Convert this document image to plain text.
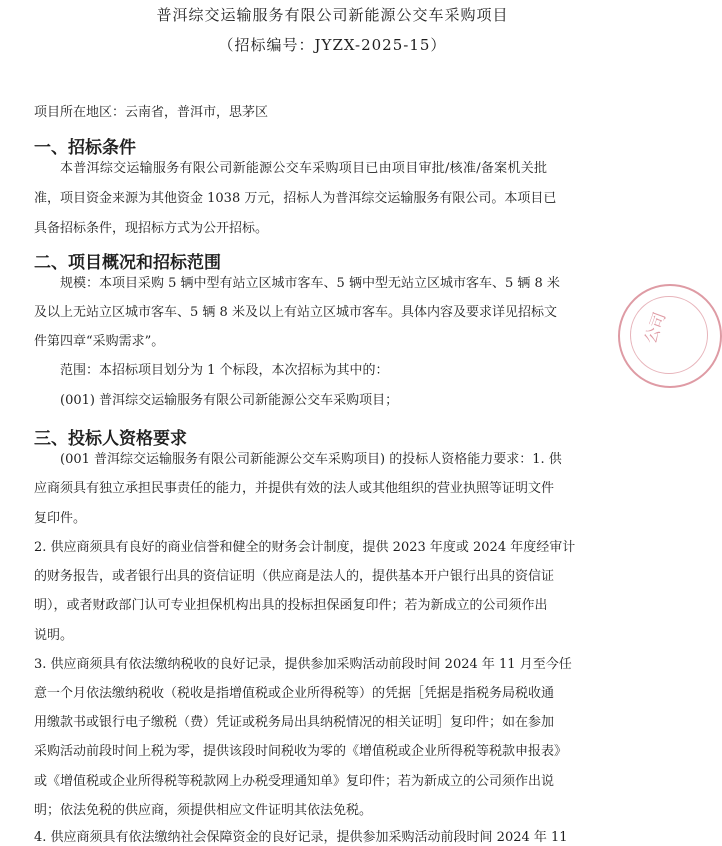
普洱综交运输服务有限公司新能源公交车采购项目
（招标编号：JYZX-2025-15）
项目所在地区：云南省，普洱市，思茅区
一、招标条件
本普洱综交运输服务有限公司新能源公交车采购项目已由项目审批/核准/备案机关批
准，项目资金来源为其他资金 1038 万元，招标人为普洱综交运输服务有限公司。本项目已
具备招标条件，现招标方式为公开招标。
二、项目概况和招标范围
规模：本项目采购 5 辆中型有站立区城市客车、5 辆中型无站立区城市客车、5 辆 8 米
及以上无站立区城市客车、5 辆 8 米及以上有站立区城市客车。具体内容及要求详见招标文
件第四章“采购需求”。
范围：本招标项目划分为 1 个标段，本次招标为其中的：
(001) 普洱综交运输服务有限公司新能源公交车采购项目；
三、投标人资格要求
(001 普洱综交运输服务有限公司新能源公交车采购项目) 的投标人资格能力要求：1. 供
应商须具有独立承担民事责任的能力，并提供有效的法人或其他组织的营业执照等证明文件
复印件。
2. 供应商须具有良好的商业信誉和健全的财务会计制度，提供 2023 年度或 2024 年度经审计
的财务报告，或者银行出具的资信证明（供应商是法人的，提供基本开户银行出具的资信证
明），或者财政部门认可专业担保机构出具的投标担保函复印件；若为新成立的公司须作出
说明。
3. 供应商须具有依法缴纳税收的良好记录，提供参加采购活动前段时间 2024 年 11 月至今任
意一个月依法缴纳税收（税收是指增值税或企业所得税等）的凭据［凭据是指税务局税收通
用缴款书或银行电子缴税（费）凭证或税务局出具纳税情况的相关证明］复印件；如在参加
采购活动前段时间上税为零，提供该段时间税收为零的《增值税或企业所得税等税款申报表》
或《增值税或企业所得税等税款网上办税受理通知单》复印件；若为新成立的公司须作出说
明；依法免税的供应商，须提供相应文件证明其依法免税。
4. 供应商须具有依法缴纳社会保障资金的良好记录，提供参加采购活动前段时间 2024 年 11
公司
